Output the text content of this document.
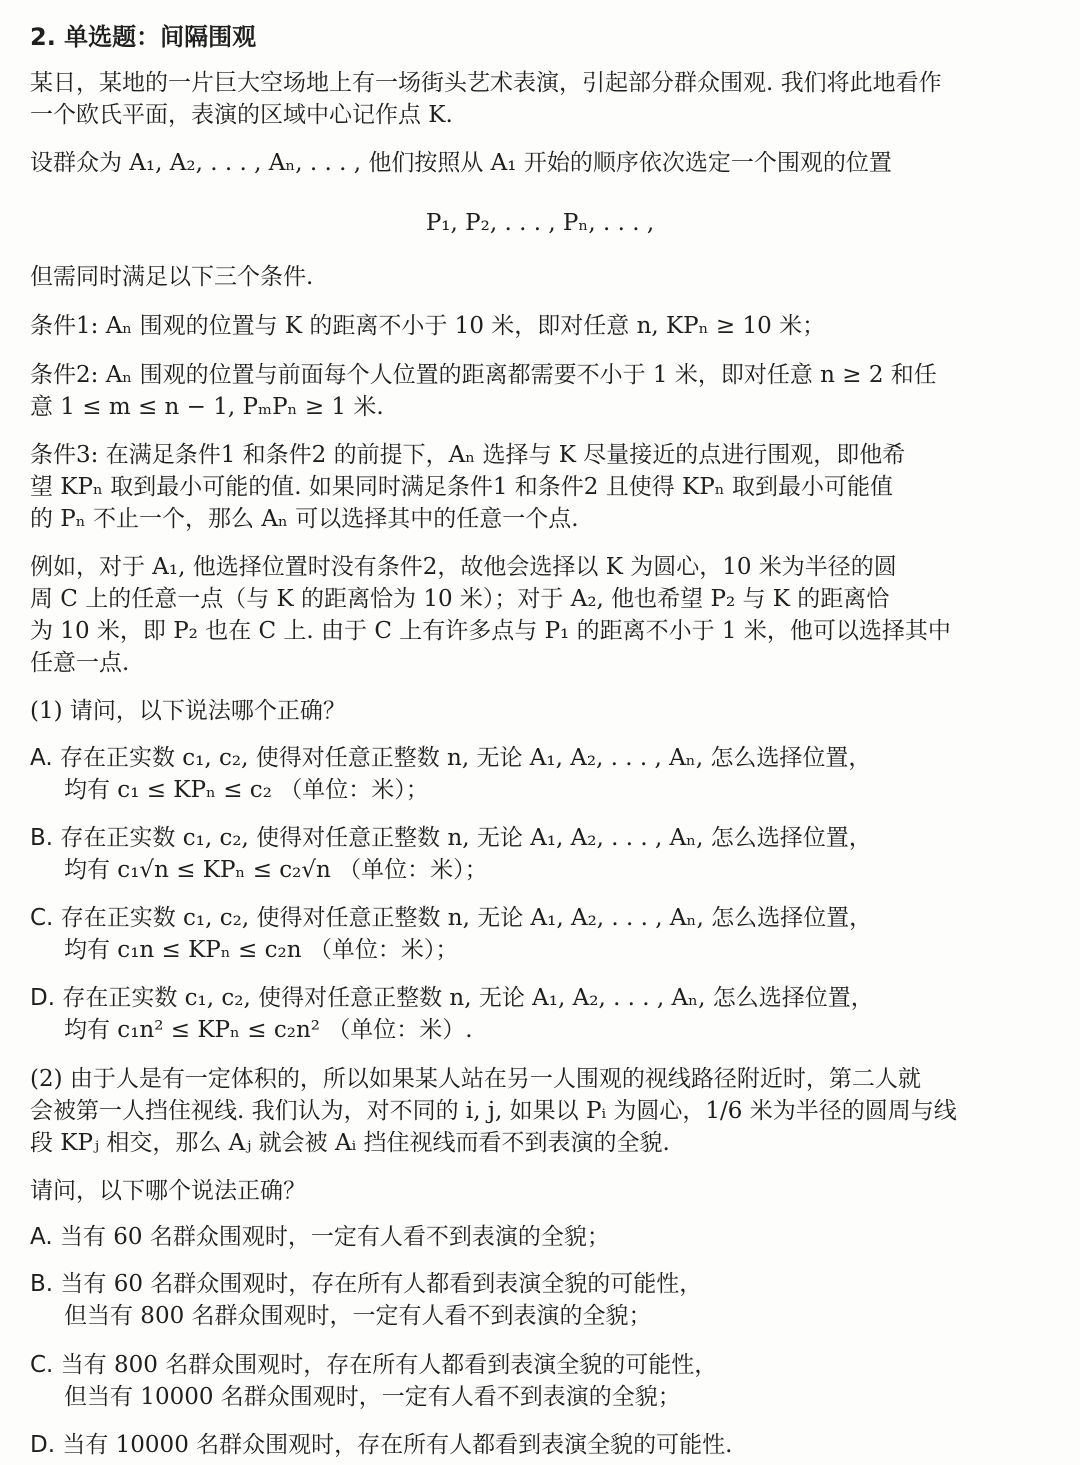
2. 单选题：间隔围观
某日，某地的一片巨大空场地上有一场街头艺术表演，引起部分群众围观. 我们将此地看作
一个欧氏平面，表演的区域中心记作点 K.
设群众为 A₁, A₂, . . . , Aₙ, . . . , 他们按照从 A₁ 开始的顺序依次选定一个围观的位置
P₁, P₂, . . . , Pₙ, . . . ,
但需同时满足以下三个条件.
条件1: Aₙ 围观的位置与 K 的距离不小于 10 米，即对任意 n, KPₙ ≥ 10 米；
条件2: Aₙ 围观的位置与前面每个人位置的距离都需要不小于 1 米，即对任意 n ≥ 2 和任
意 1 ≤ m ≤ n − 1, PₘPₙ ≥ 1 米.
条件3: 在满足条件1 和条件2 的前提下，Aₙ 选择与 K 尽量接近的点进行围观，即他希
望 KPₙ 取到最小可能的值. 如果同时满足条件1 和条件2 且使得 KPₙ 取到最小可能值
的 Pₙ 不止一个，那么 Aₙ 可以选择其中的任意一个点.
例如，对于 A₁, 他选择位置时没有条件2，故他会选择以 K 为圆心，10 米为半径的圆
周 C 上的任意一点（与 K 的距离恰为 10 米）；对于 A₂, 他也希望 P₂ 与 K 的距离恰
为 10 米，即 P₂ 也在 C 上. 由于 C 上有许多点与 P₁ 的距离不小于 1 米，他可以选择其中
任意一点.
(1) 请问，以下说法哪个正确？
A. 存在正实数 c₁, c₂, 使得对任意正整数 n, 无论 A₁, A₂, . . . , Aₙ, 怎么选择位置，
均有 c₁ ≤ KPₙ ≤ c₂ （单位：米）；
B. 存在正实数 c₁, c₂, 使得对任意正整数 n, 无论 A₁, A₂, . . . , Aₙ, 怎么选择位置，
均有 c₁√n ≤ KPₙ ≤ c₂√n （单位：米）；
C. 存在正实数 c₁, c₂, 使得对任意正整数 n, 无论 A₁, A₂, . . . , Aₙ, 怎么选择位置，
均有 c₁n ≤ KPₙ ≤ c₂n （单位：米）；
D. 存在正实数 c₁, c₂, 使得对任意正整数 n, 无论 A₁, A₂, . . . , Aₙ, 怎么选择位置，
均有 c₁n² ≤ KPₙ ≤ c₂n² （单位：米）.
(2) 由于人是有一定体积的，所以如果某人站在另一人围观的视线路径附近时，第二人就
会被第一人挡住视线. 我们认为，对不同的 i, j, 如果以 Pᵢ 为圆心，1/6 米为半径的圆周与线
段 KPⱼ 相交，那么 Aⱼ 就会被 Aᵢ 挡住视线而看不到表演的全貌.
请问，以下哪个说法正确？
A. 当有 60 名群众围观时，一定有人看不到表演的全貌；
B. 当有 60 名群众围观时，存在所有人都看到表演全貌的可能性，
但当有 800 名群众围观时，一定有人看不到表演的全貌；
C. 当有 800 名群众围观时，存在所有人都看到表演全貌的可能性，
但当有 10000 名群众围观时，一定有人看不到表演的全貌；
D. 当有 10000 名群众围观时，存在所有人都看到表演全貌的可能性.
